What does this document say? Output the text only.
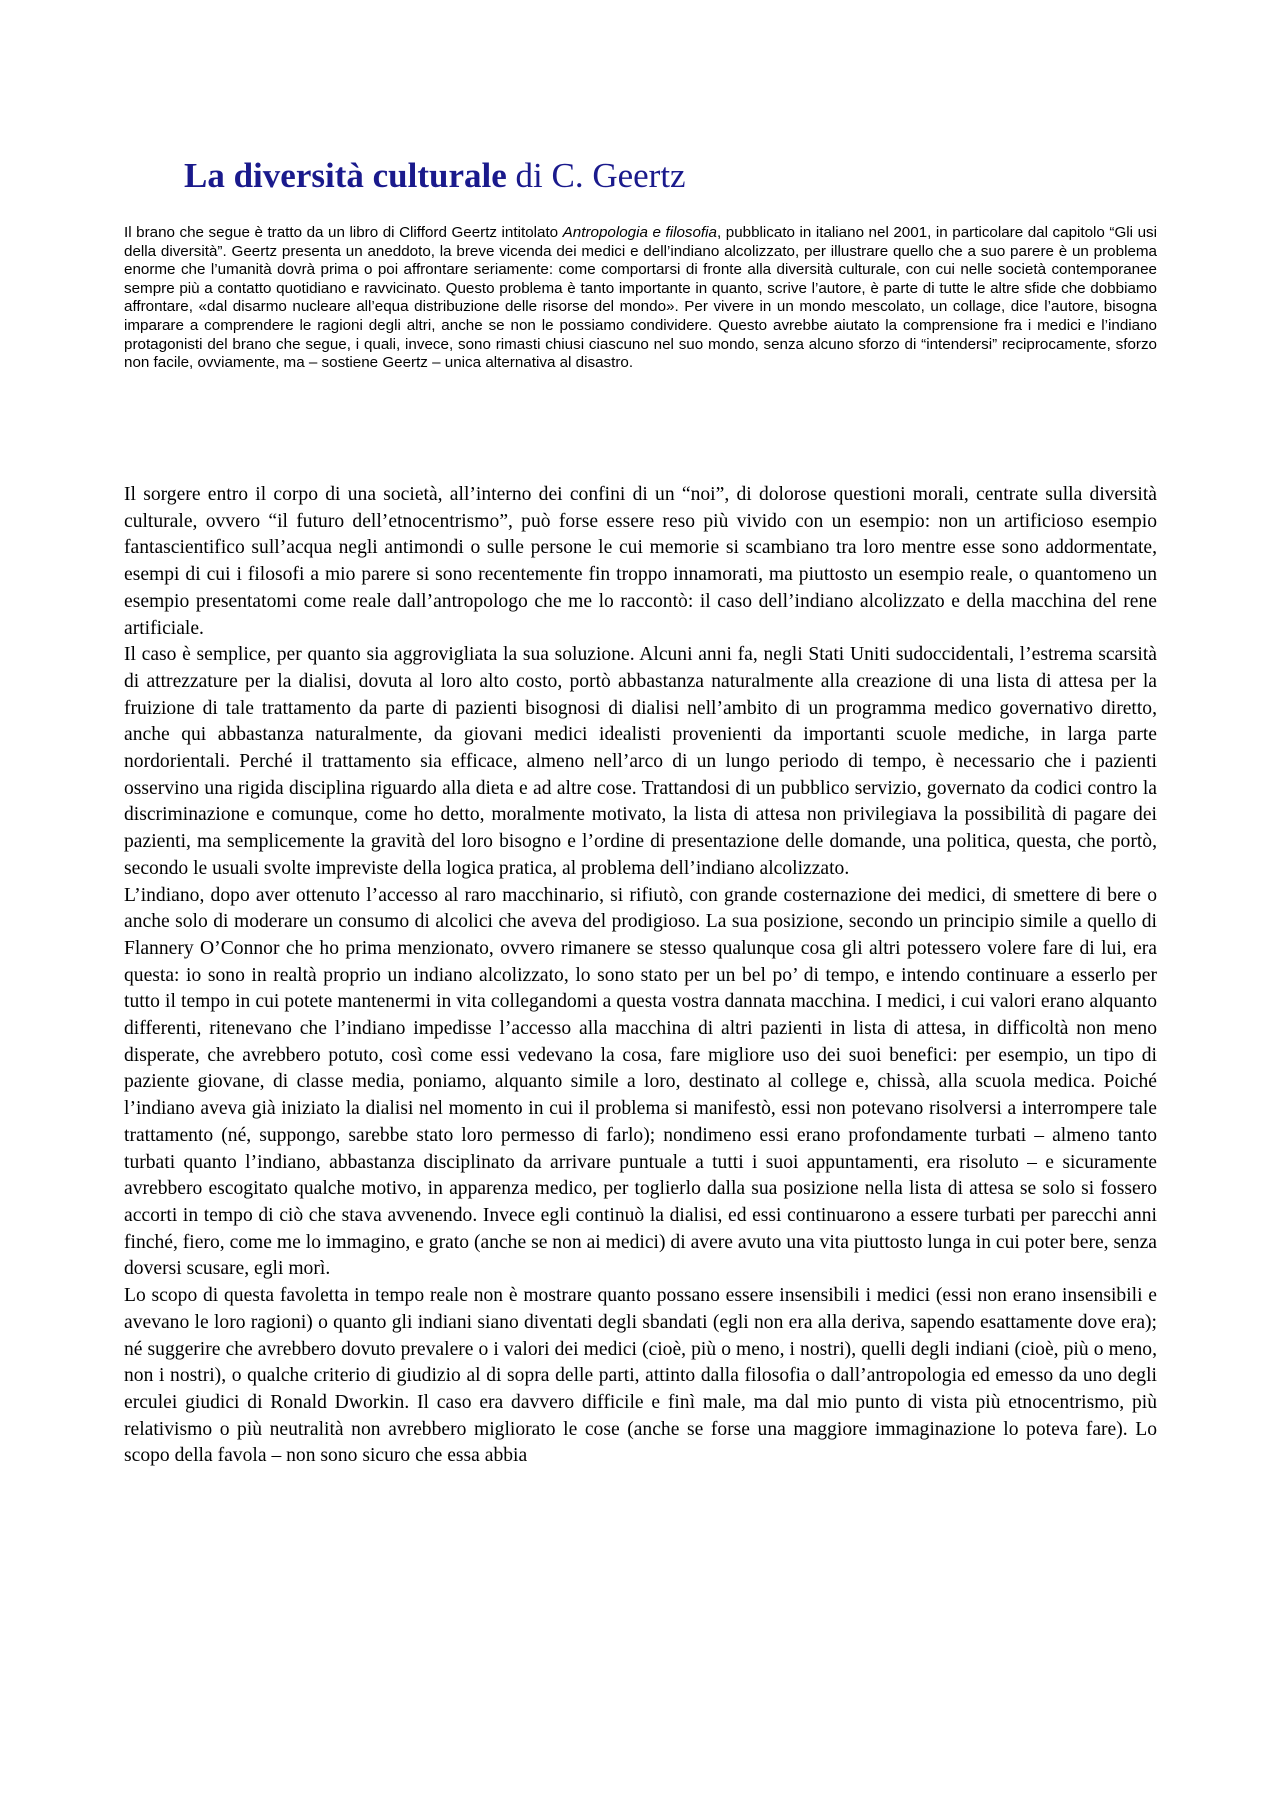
La diversità culturale di C. Geertz

Il brano che segue è tratto da un libro di Clifford Geertz intitolato Antropologia e filosofia, pubblicato in italiano nel 2001, in particolare dal capitolo “Gli usi della diversità”. Geertz presenta un aneddoto, la breve vicenda dei medici e dell’indiano alcolizzato, per illustrare quello che a suo parere è un problema enorme che l’umanità dovrà prima o poi affrontare seriamente: come comportarsi di fronte alla diversità culturale, con cui nelle società contemporanee sempre più a contatto quotidiano e ravvicinato. Questo problema è tanto importante in quanto, scrive l’autore, è parte di tutte le altre sfide che dobbiamo affrontare, «dal disarmo nucleare all’equa distribuzione delle risorse del mondo». Per vivere in un mondo mescolato, un collage, dice l’autore, bisogna imparare a comprendere le ragioni degli altri, anche se non le possiamo condividere. Questo avrebbe aiutato la comprensione fra i medici e l’indiano protagonisti del brano che segue, i quali, invece, sono rimasti chiusi ciascuno nel suo mondo, senza alcuno sforzo di “intendersi” reciprocamente, sforzo non facile, ovviamente, ma – sostiene Geertz – unica alternativa al disastro.

Il sorgere entro il corpo di una società, all’interno dei confini di un “noi”, di dolorose questioni morali, centrate sulla diversità culturale, ovvero “il futuro dell’etnocentrismo”, può forse essere reso più vivido con un esempio: non un artificioso esempio fantascientifico sull’acqua negli antimondi o sulle persone le cui memorie si scambiano tra loro mentre esse sono addormentate, esempi di cui i filosofi a mio parere si sono recentemente fin troppo innamorati, ma piuttosto un esempio reale, o quantomeno un esempio presentatomi come reale dall’antropologo che me lo raccontò: il caso dell’indiano alcolizzato e della macchina del rene artificiale.

Il caso è semplice, per quanto sia aggrovigliata la sua soluzione. Alcuni anni fa, negli Stati Uniti sudoccidentali, l’estrema scarsità di attrezzature per la dialisi, dovuta al loro alto costo, portò abbastanza naturalmente alla creazione di una lista di attesa per la fruizione di tale trattamento da parte di pazienti bisognosi di dialisi nell’ambito di un programma medico governativo diretto, anche qui abbastanza naturalmente, da giovani medici idealisti provenienti da importanti scuole mediche, in larga parte nordorientali. Perché il trattamento sia efficace, almeno nell’arco di un lungo periodo di tempo, è necessario che i pazienti osservino una rigida disciplina riguardo alla dieta e ad altre cose. Trattandosi di un pubblico servizio, governato da codici contro la discriminazione e comunque, come ho detto, moralmente motivato, la lista di attesa non privilegiava la possibilità di pagare dei pazienti, ma semplicemente la gravità del loro bisogno e l’ordine di presentazione delle domande, una politica, questa, che portò, secondo le usuali svolte impreviste della logica pratica, al problema dell’indiano alcolizzato.

L’indiano, dopo aver ottenuto l’accesso al raro macchinario, si rifiutò, con grande costernazione dei medici, di smettere di bere o anche solo di moderare un consumo di alcolici che aveva del prodigioso. La sua posizione, secondo un principio simile a quello di Flannery O’Connor che ho prima menzionato, ovvero rimanere se stesso qualunque cosa gli altri potessero volere fare di lui, era questa: io sono in realtà proprio un indiano alcolizzato, lo sono stato per un bel po’ di tempo, e intendo continuare a esserlo per tutto il tempo in cui potete mantenermi in vita collegandomi a questa vostra dannata macchina. I medici, i cui valori erano alquanto differenti, ritenevano che l’indiano impedisse l’accesso alla macchina di altri pazienti in lista di attesa, in difficoltà non meno disperate, che avrebbero potuto, così come essi vedevano la cosa, fare migliore uso dei suoi benefici: per esempio, un tipo di paziente giovane, di classe media, poniamo, alquanto simile a loro, destinato al college e, chissà, alla scuola medica. Poiché l’indiano aveva già iniziato la dialisi nel momento in cui il problema si manifestò, essi non potevano risolversi a interrompere tale trattamento (né, suppongo, sarebbe stato loro permesso di farlo); nondimeno essi erano profondamente turbati – almeno tanto turbati quanto l’indiano, abbastanza disciplinato da arrivare puntuale a tutti i suoi appuntamenti, era risoluto – e sicuramente avrebbero escogitato qualche motivo, in apparenza medico, per toglierlo dalla sua posizione nella lista di attesa se solo si fossero accorti in tempo di ciò che stava avvenendo. Invece egli continuò la dialisi, ed essi continuarono a essere turbati per parecchi anni finché, fiero, come me lo immagino, e grato (anche se non ai medici) di avere avuto una vita piuttosto lunga in cui poter bere, senza doversi scusare, egli morì.

Lo scopo di questa favoletta in tempo reale non è mostrare quanto possano essere insensibili i medici (essi non erano insensibili e avevano le loro ragioni) o quanto gli indiani siano diventati degli sbandati (egli non era alla deriva, sapendo esattamente dove era); né suggerire che avrebbero dovuto prevalere o i valori dei medici (cioè, più o meno, i nostri), quelli degli indiani (cioè, più o meno, non i nostri), o qualche criterio di giudizio al di sopra delle parti, attinto dalla filosofia o dall’antropologia ed emesso da uno degli erculei giudici di Ronald Dworkin. Il caso era davvero difficile e finì male, ma dal mio punto di vista più etnocentrismo, più relativismo o più neutralità non avrebbero migliorato le cose (anche se forse una maggiore immaginazione lo poteva fare). Lo scopo della favola – non sono sicuro che essa abbia
